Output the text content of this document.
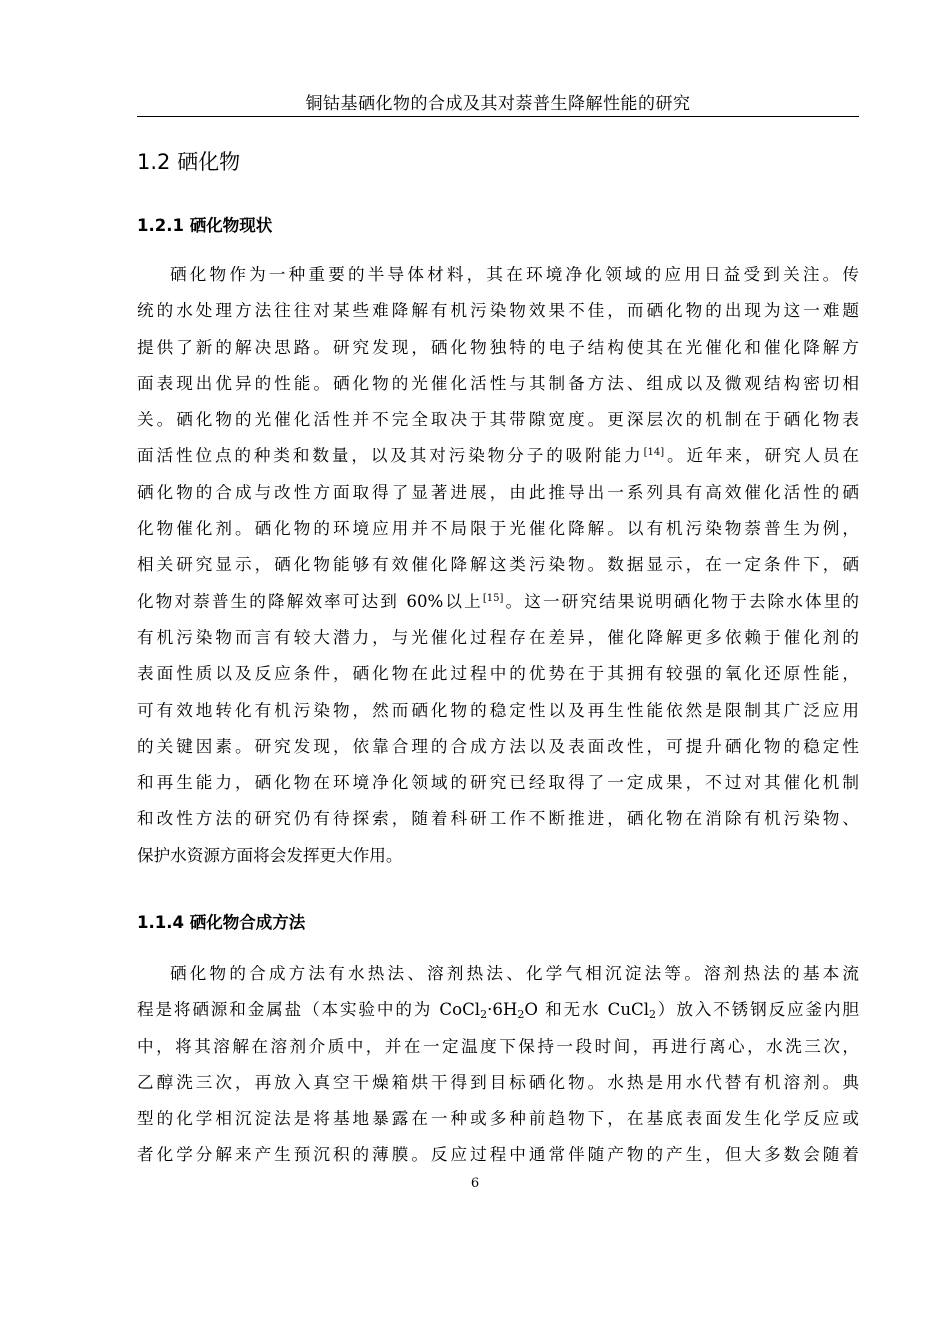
铜钴基硒化物的合成及其对萘普生降解性能的研究
1.2 硒化物
1.2.1 硒化物现状

硒化物作为一种重要的半导体材料，其在环境净化领域的应用日益受到关注。传
统的水处理方法往往对某些难降解有机污染物效果不佳，而硒化物的出现为这一难题
提供了新的解决思路。研究发现，硒化物独特的电子结构使其在光催化和催化降解方
面表现出优异的性能。硒化物的光催化活性与其制备方法、组成以及微观结构密切相
关。硒化物的光催化活性并不完全取决于其带隙宽度。更深层次的机制在于硒化物表
面活性位点的种类和数量，以及其对污染物分子的吸附能力[14]。近年来，研究人员在
硒化物的合成与改性方面取得了显著进展，由此推导出一系列具有高效催化活性的硒
化物催化剂。硒化物的环境应用并不局限于光催化降解。以有机污染物萘普生为例，
相关研究显示，硒化物能够有效催化降解这类污染物。数据显示，在一定条件下，硒
化物对萘普生的降解效率可达到 60%以上[15]。这一研究结果说明硒化物于去除水体里的
有机污染物而言有较大潜力，与光催化过程存在差异，催化降解更多依赖于催化剂的
表面性质以及反应条件，硒化物在此过程中的优势在于其拥有较强的氧化还原性能，
可有效地转化有机污染物，然而硒化物的稳定性以及再生性能依然是限制其广泛应用
的关键因素。研究发现，依靠合理的合成方法以及表面改性，可提升硒化物的稳定性
和再生能力，硒化物在环境净化领域的研究已经取得了一定成果，不过对其催化机制
和改性方法的研究仍有待探索，随着科研工作不断推进，硒化物在消除有机污染物、
保护水资源方面将会发挥更大作用。

1.1.4 硒化物合成方法

硒化物的合成方法有水热法、溶剂热法、化学气相沉淀法等。溶剂热法的基本流
程是将硒源和金属盐（本实验中的为 $CoCl_2\cdot 6H_2O$ 和无水 CuCl$_2$）放入不锈钢反应釜内胆
中，将其溶解在溶剂介质中，并在一定温度下保持一段时间，再进行离心，水洗三次，
乙醇洗三次，再放入真空干燥箱烘干得到目标硒化物。水热是用水代替有机溶剂。典
型的化学相沉淀法是将基地暴露在一种或多种前趋物下，在基底表面发生化学反应或
者化学分解来产生预沉积的薄膜。反应过程中通常伴随产物的产生，但大多数会随着

6
